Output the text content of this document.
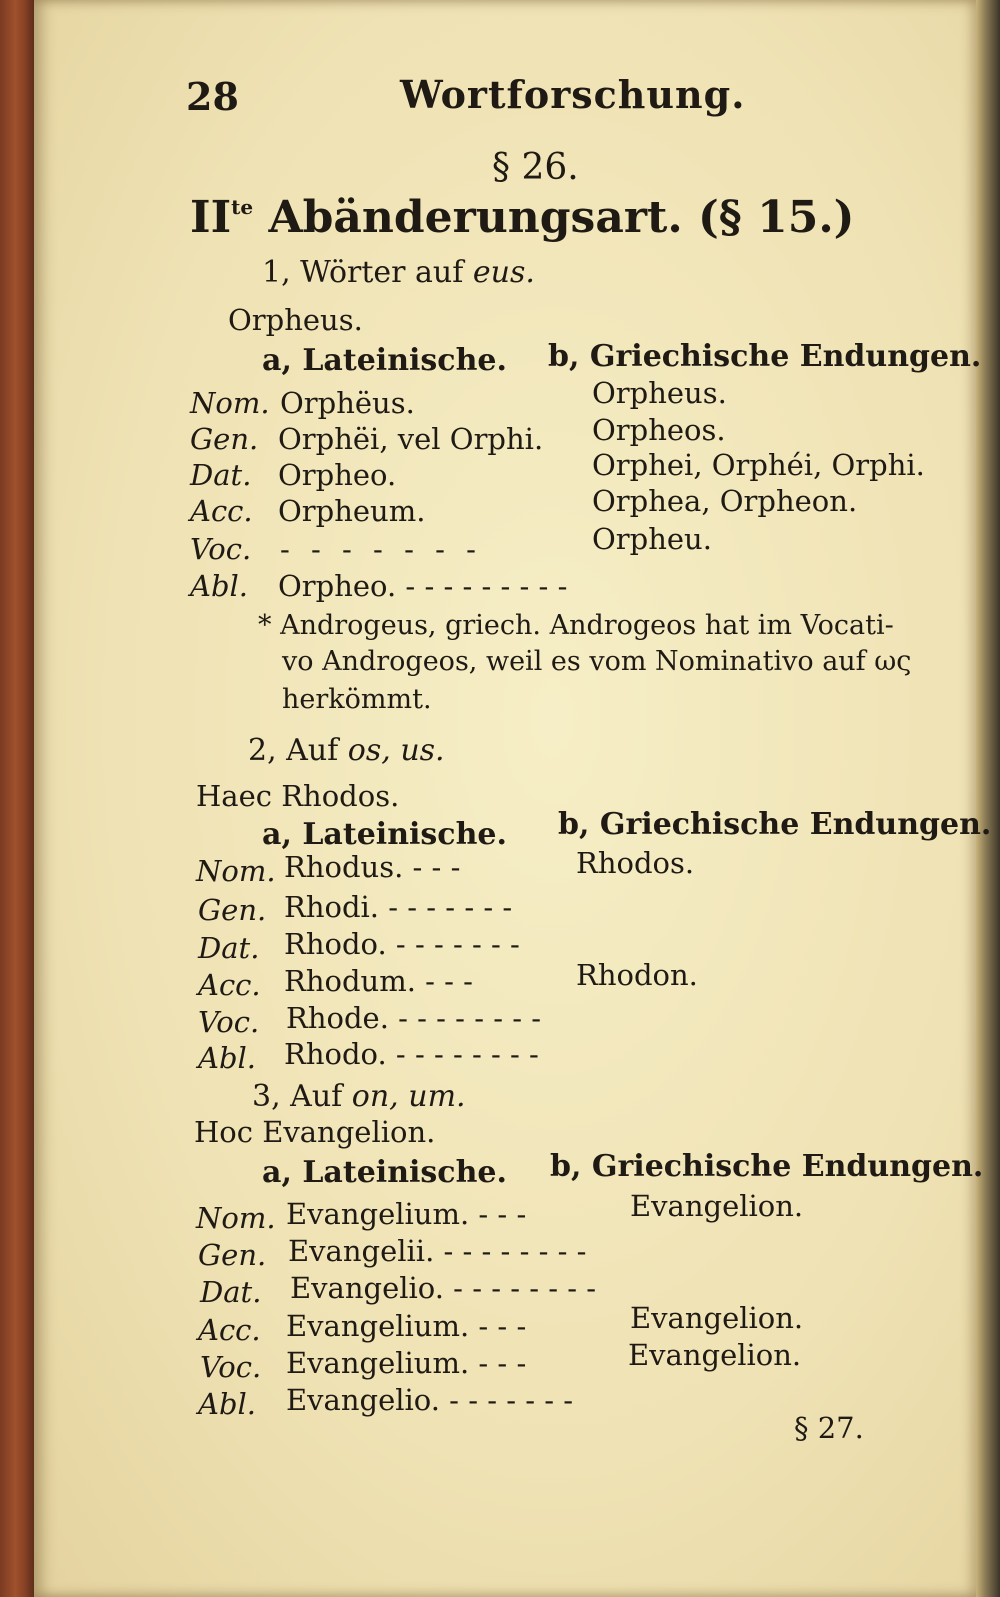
28	Wortforschung.
§ 26.
$II^{te}$ Abänderungsart. (§ 15.)
1, Wörter auf eus.
Orpheus.
a, Lateinische. b, Griechische Endungen.
Nom. Orphëus.	Orpheus.
Gen. Orphëi, vel Orphi. Orpheos.
Dat. Orpheo.	Orphei, Orphéi, Orphi.
Acc. Orpheum.	Orphea, Orpheon.
Voc. - - - - - - -	Orpheu.
Abl. Orpheo. - - - - - - - - -
* Androgeus, griech. Androgeos hat im Vocati-
vo Androgeos, weil es vom Nominativo auf ως
herkömmt.
2, Auf os, us.
Haec Rhodos.
a, Lateinische. b, Griechische Endungen.
Nom. Rhodus. - - -	Rhodos.
Gen. Rhodi. - - - - - - -
Dat. Rhodo. - - - - - - -
Acc. Rhodum. - - -	Rhodon.
Voc. Rhode. - - - - - - - -
Abl. Rhodo. - - - - - - - -
3, Auf on, um.
Hoc Evangelion.
a, Lateinische. b, Griechische Endungen.
Nom. Evangelium. - - -	Evangelion.
Gen. Evangelii. - - - - - - - -
Dat. Evangelio. - - - - - - - -
Acc. Evangelium. - - -	Evangelion.
Voc. Evangelium. - - -	Evangelion.
Abl. Evangelio. - - - - - - -
§ 27.
